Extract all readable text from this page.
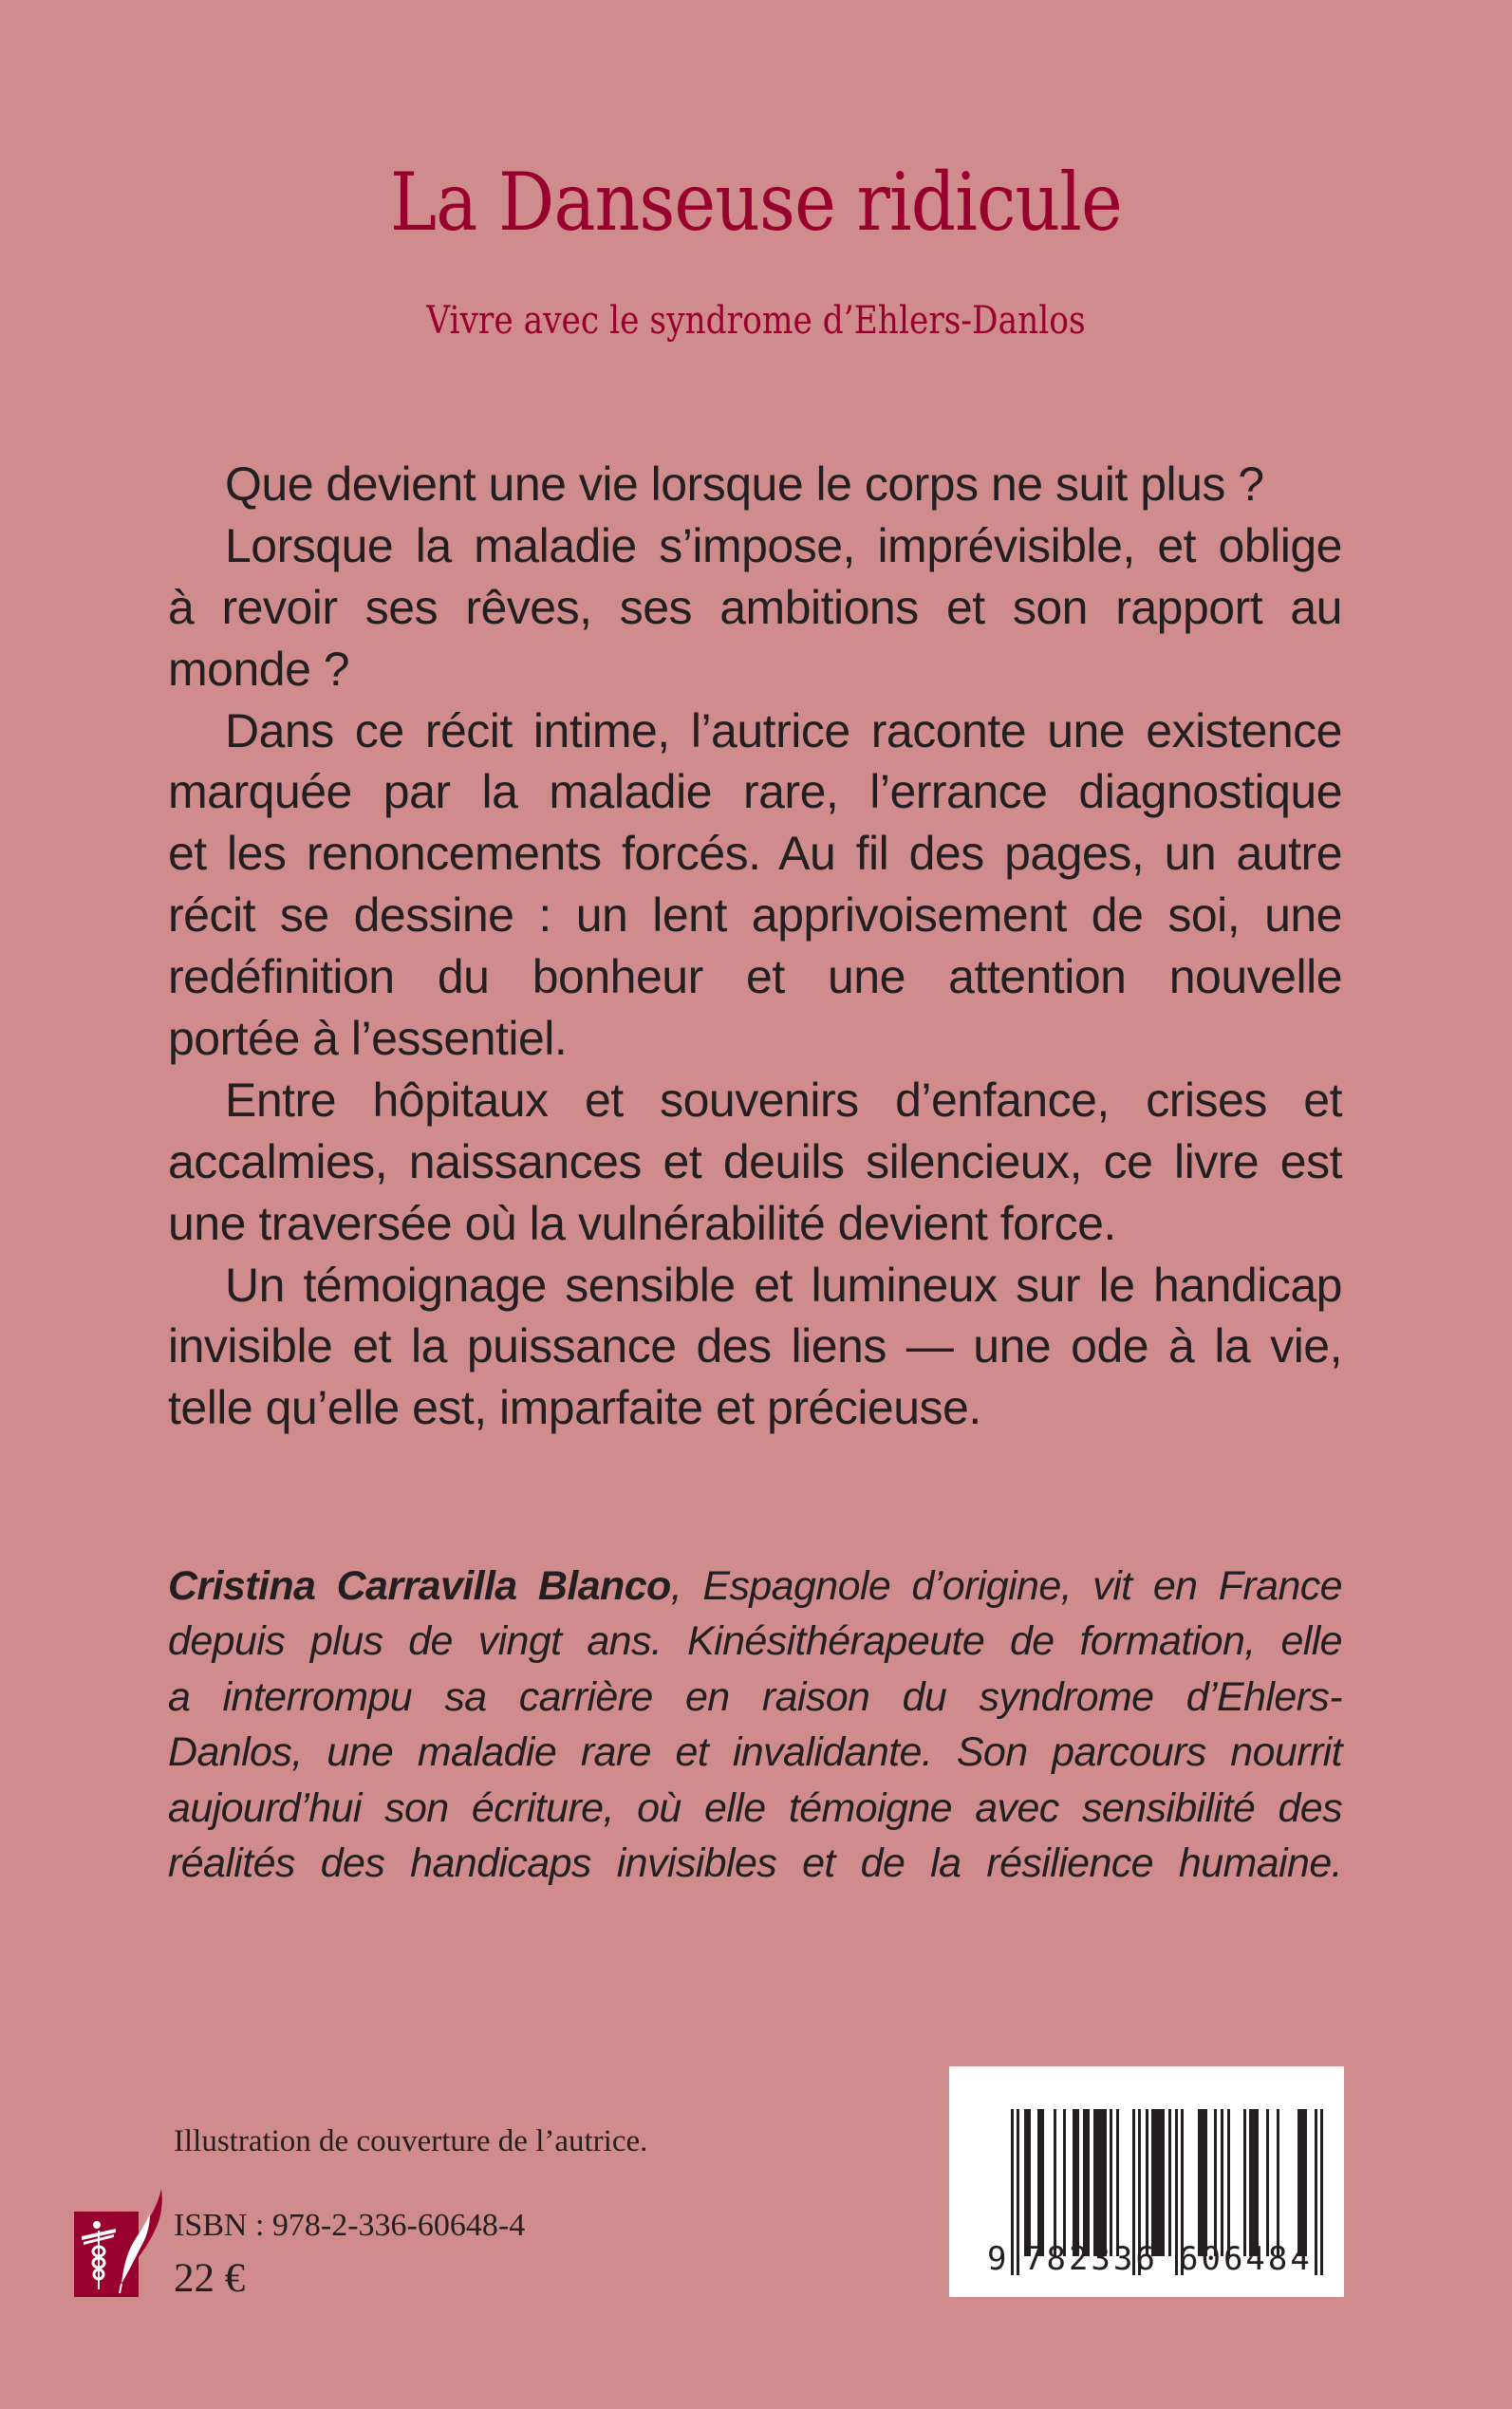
La Danseuse ridicule
Vivre avec le syndrome d’Ehlers-Danlos
Que devient une vie lorsque le corps ne suit plus ?
Lorsque la maladie s’impose, imprévisible, et oblige
à revoir ses rêves, ses ambitions et son rapport au
monde ?
Dans ce récit intime, l’autrice raconte une existence
marquée par la maladie rare, l’errance diagnostique
et les renoncements forcés. Au fil des pages, un autre
récit se dessine : un lent apprivoisement de soi, une
redéfinition du bonheur et une attention nouvelle
portée à l’essentiel.
Entre hôpitaux et souvenirs d’enfance, crises et
accalmies, naissances et deuils silencieux, ce livre est
une traversée où la vulnérabilité devient force.
Un témoignage sensible et lumineux sur le handicap
invisible et la puissance des liens — une ode à la vie,
telle qu’elle est, imparfaite et précieuse.
Cristina Carravilla Blanco, Espagnole d’origine, vit en France
depuis plus de vingt ans. Kinésithérapeute de formation, elle
a interrompu sa carrière en raison du syndrome d’Ehlers-
Danlos, une maladie rare et invalidante. Son parcours nourrit
aujourd’hui son écriture, où elle témoigne avec sensibilité des
réalités des handicaps invisibles et de la résilience humaine.
Illustration de couverture de l’autrice.
ISBN : 978-2-336-60648-4
22 €	9 782336 606484
